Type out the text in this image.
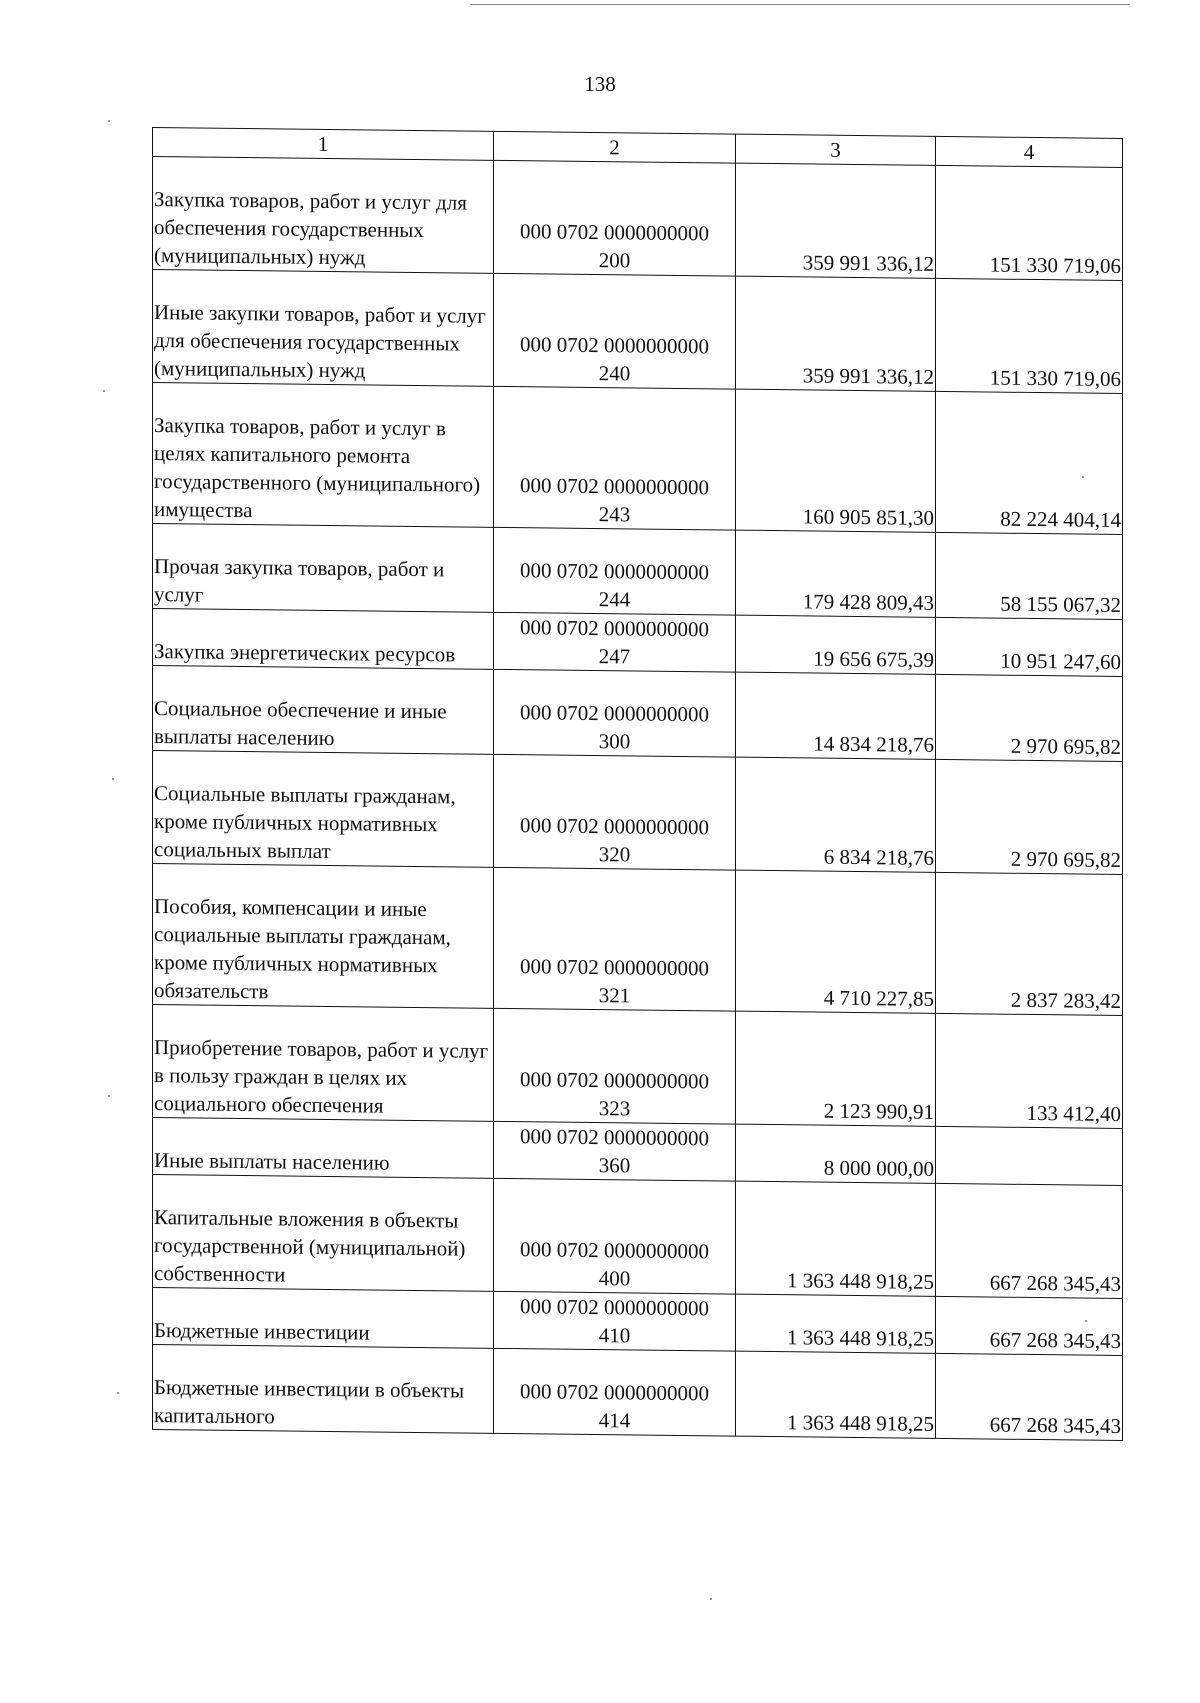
138
1	2	3	4
Закупка товаров, работ и услуг для обеспечения государственных (муниципальных) нужд	000 0702 0000000000
200	359 991 336,12	151 330 719,06
Иные закупки товаров, работ и услуг для обеспечения государственных (муниципальных) нужд	000 0702 0000000000
240	359 991 336,12	151 330 719,06
Закупка товаров, работ и услуг в целях капитального ремонта государственного (муниципального) имущества	000 0702 0000000000
243	160 905 851,30	82 224 404,14
Прочая закупка товаров, работ и услуг	000 0702 0000000000
244	179 428 809,43	58 155 067,32
Закупка энергетических ресурсов	000 0702 0000000000
247	19 656 675,39	10 951 247,60
Социальное обеспечение и иные выплаты населению	000 0702 0000000000
300	14 834 218,76	2 970 695,82
Социальные выплаты гражданам, кроме публичных нормативных социальных выплат	000 0702 0000000000
320	6 834 218,76	2 970 695,82
Пособия, компенсации и иные социальные выплаты гражданам, кроме публичных нормативных обязательств	000 0702 0000000000
321	4 710 227,85	2 837 283,42
Приобретение товаров, работ и услуг в пользу граждан в целях их социального обеспечения	000 0702 0000000000
323	2 123 990,91	133 412,40
Иные выплаты населению	000 0702 0000000000
360	8 000 000,00	
Капитальные вложения в объекты государственной (муниципальной) собственности	000 0702 0000000000
400	1 363 448 918,25	667 268 345,43
Бюджетные инвестиции	000 0702 0000000000
410	1 363 448 918,25	667 268 345,43
Бюджетные инвестиции в объекты капитального	000 0702 0000000000
414	1 363 448 918,25	667 268 345,43
